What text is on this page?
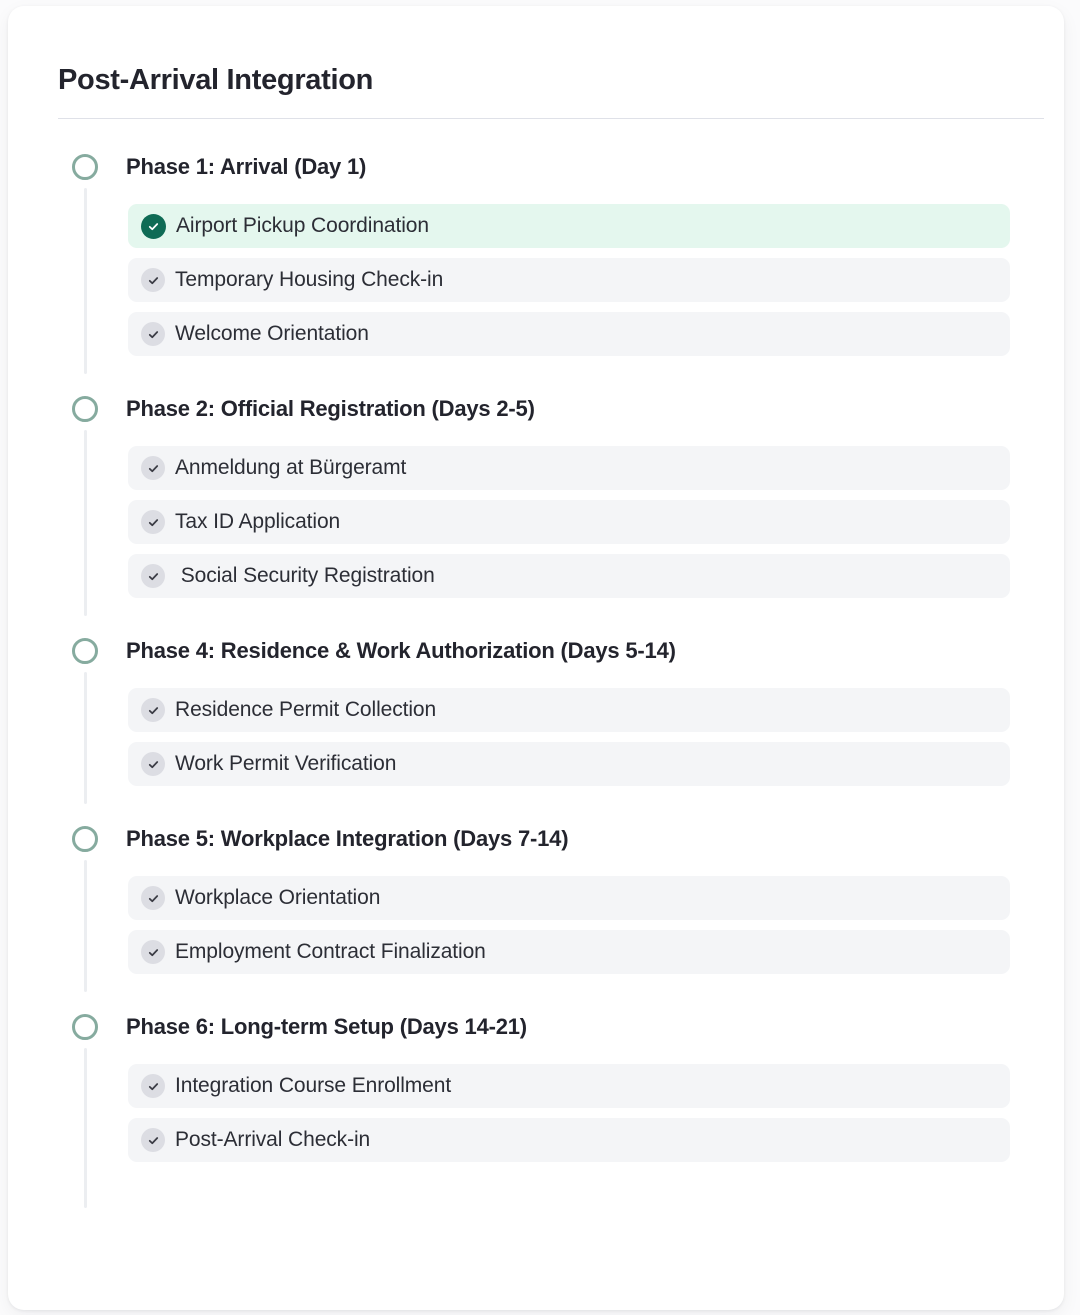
Post-Arrival Integration
Phase 1: Arrival (Day 1)
Airport Pickup Coordination
Temporary Housing Check-in
Welcome Orientation
Phase 2: Official Registration (Days 2-5)
Anmeldung at Bürgeramt
Tax ID Application
Social Security Registration
Phase 4: Residence & Work Authorization (Days 5-14)
Residence Permit Collection
Work Permit Verification
Phase 5: Workplace Integration (Days 7-14)
Workplace Orientation
Employment Contract Finalization
Phase 6: Long-term Setup (Days 14-21)
Integration Course Enrollment
Post-Arrival Check-in
